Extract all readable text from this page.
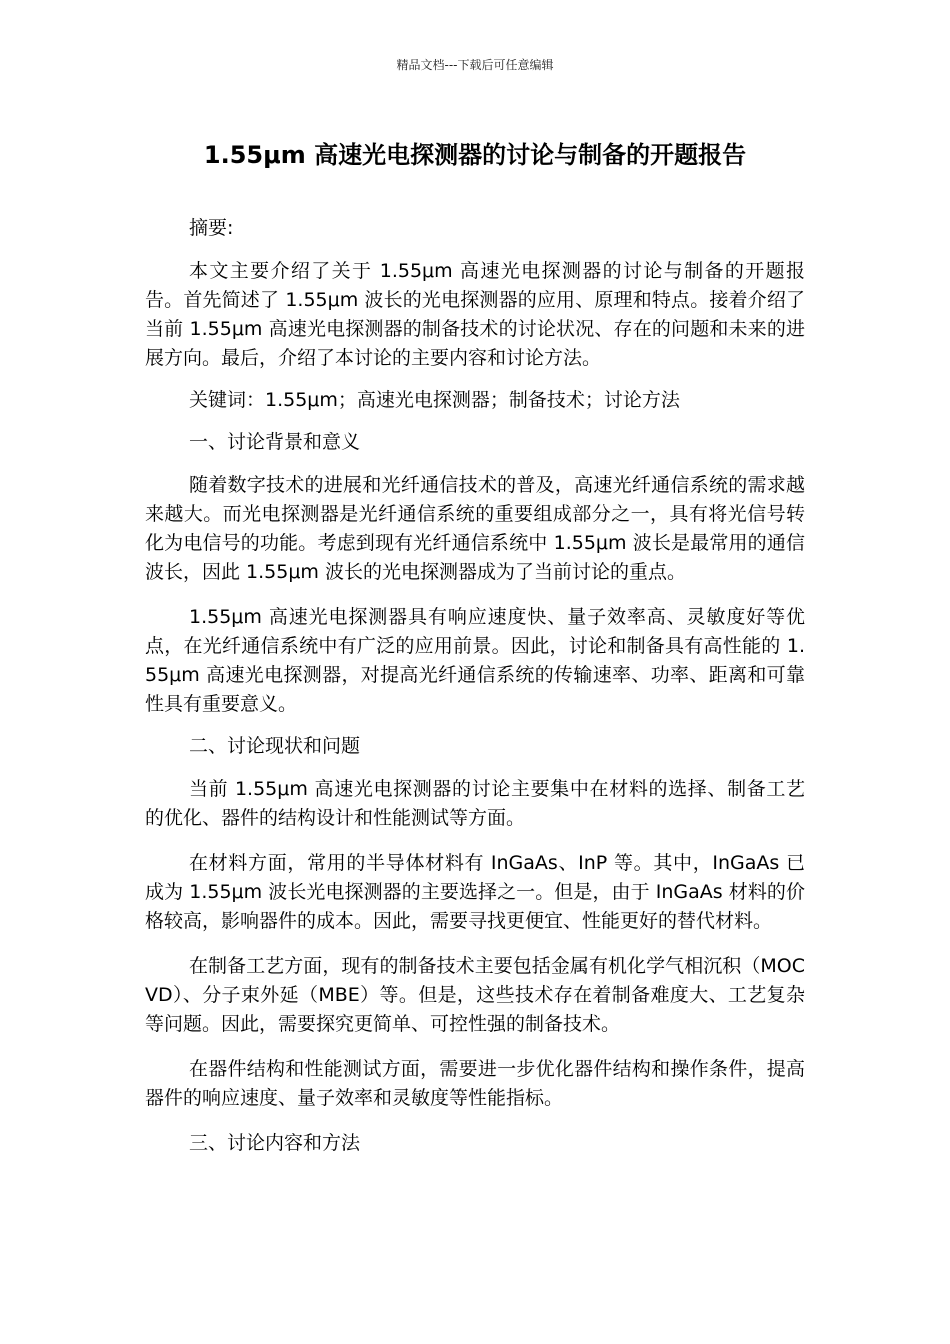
精品文档---下载后可任意编辑
1.55μm 高速光电探测器的讨论与制备的开题报告

摘要:

本文主要介绍了关于 1.55μm 高速光电探测器的讨论与制备的开题报告。首先简述了 1.55μm 波长的光电探测器的应用、原理和特点。接着介绍了当前 1.55μm 高速光电探测器的制备技术的讨论状况、存在的问题和未来的进展方向。最后，介绍了本讨论的主要内容和讨论方法。

关键词：1.55μm；高速光电探测器；制备技术；讨论方法

一、讨论背景和意义

随着数字技术的进展和光纤通信技术的普及，高速光纤通信系统的需求越来越大。而光电探测器是光纤通信系统的重要组成部分之一，具有将光信号转化为电信号的功能。考虑到现有光纤通信系统中 1.55μm 波长是最常用的通信波长，因此 1.55μm 波长的光电探测器成为了当前讨论的重点。

1.55μm 高速光电探测器具有响应速度快、量子效率高、灵敏度好等优点，在光纤通信系统中有广泛的应用前景。因此，讨论和制备具有高性能的 1.55μm 高速光电探测器，对提高光纤通信系统的传输速率、功率、距离和可靠性具有重要意义。

二、讨论现状和问题

当前 1.55μm 高速光电探测器的讨论主要集中在材料的选择、制备工艺的优化、器件的结构设计和性能测试等方面。

在材料方面，常用的半导体材料有 InGaAs、InP 等。其中，InGaAs 已成为 1.55μm 波长光电探测器的主要选择之一。但是，由于 InGaAs 材料的价格较高，影响器件的成本。因此，需要寻找更便宜、性能更好的替代材料。

在制备工艺方面，现有的制备技术主要包括金属有机化学气相沉积（MOCVD）、分子束外延（MBE）等。但是，这些技术存在着制备难度大、工艺复杂等问题。因此，需要探究更简单、可控性强的制备技术。

在器件结构和性能测试方面，需要进一步优化器件结构和操作条件，提高器件的响应速度、量子效率和灵敏度等性能指标。

三、讨论内容和方法
